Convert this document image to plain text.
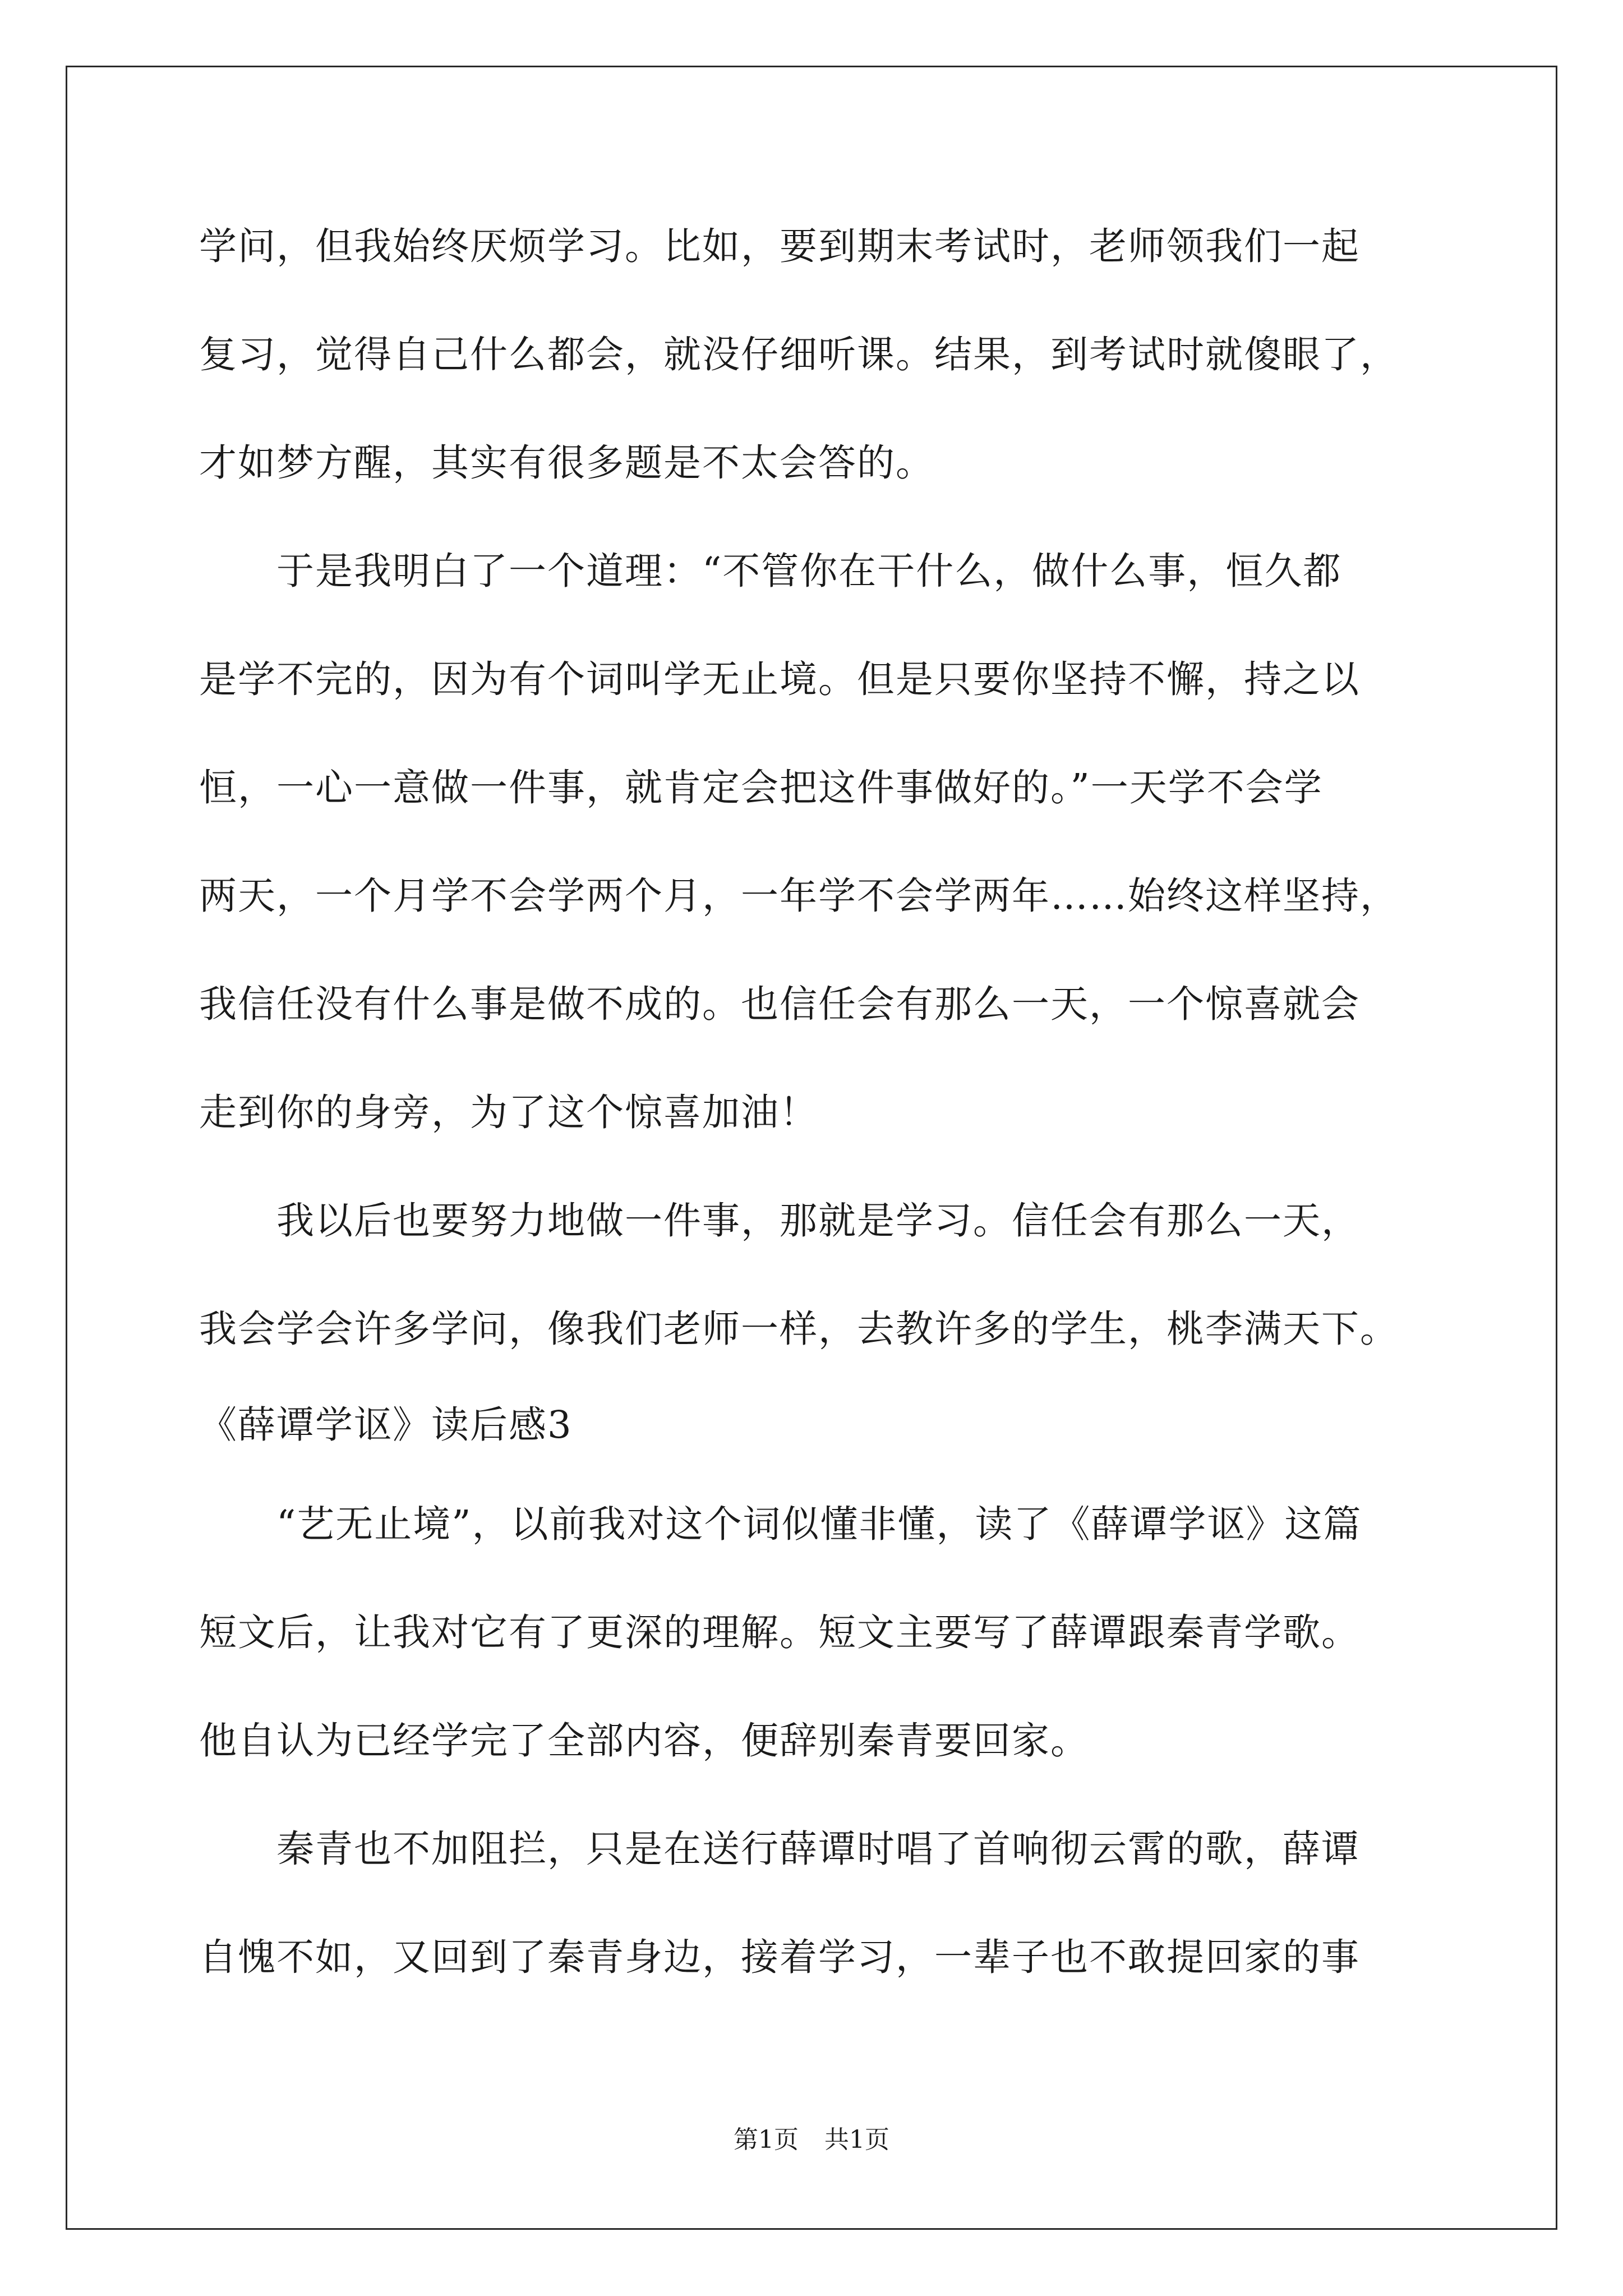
学问，但我始终厌烦学习。比如，要到期末考试时，老师领我们一起
复习，觉得自己什么都会，就没仔细听课。结果，到考试时就傻眼了，
才如梦方醒，其实有很多题是不太会答的。
　　于是我明白了一个道理：“不管你在干什么，做什么事，恒久都
是学不完的，因为有个词叫学无止境。但是只要你坚持不懈，持之以
恒，一心一意做一件事，就肯定会把这件事做好的。”一天学不会学
两天，一个月学不会学两个月，一年学不会学两年……始终这样坚持，
我信任没有什么事是做不成的。也信任会有那么一天，一个惊喜就会
走到你的身旁，为了这个惊喜加油！
　　我以后也要努力地做一件事，那就是学习。信任会有那么一天，
我会学会许多学问，像我们老师一样，去教许多的学生，桃李满天下。
《薛谭学讴》读后感3
　　“艺无止境”，以前我对这个词似懂非懂，读了《薛谭学讴》这篇
短文后，让我对它有了更深的理解。短文主要写了薛谭跟秦青学歌。
他自认为已经学完了全部内容，便辞别秦青要回家。
　　秦青也不加阻拦，只是在送行薛谭时唱了首响彻云霄的歌，薛谭
自愧不如，又回到了秦青身边，接着学习，一辈子也不敢提回家的事
第1页 共1页
